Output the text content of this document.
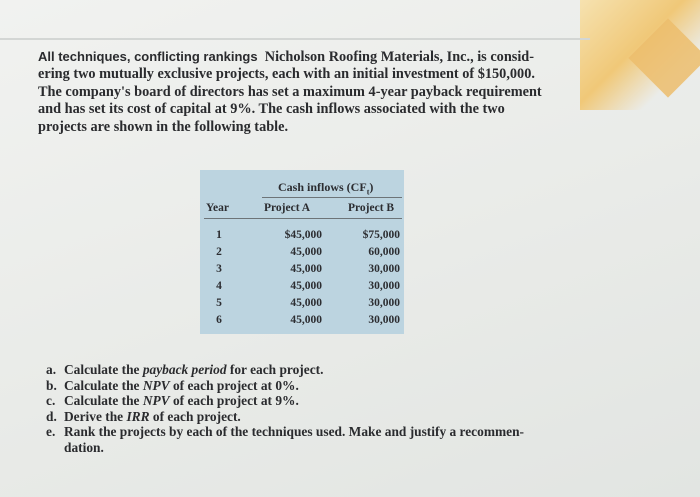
All techniques, conflicting rankings Nicholson Roofing Materials, Inc., is consid-
ering two mutually exclusive projects, each with an initial investment of $150,000.
The company's board of directors has set a maximum 4-year payback requirement
and has set its cost of capital at 9%. The cash inflows associated with the two
projects are shown in the following table.
Cash inflows $(CF_t)$
Year	Project A	Project B
1
2
3
4
5
6
$45,000
45,000
45,000
45,000
45,000
45,000
$75,000
60,000
30,000
30,000
30,000
30,000
a. Calculate the payback period for each project.
b. Calculate the NPV of each project at 0%.
c. Calculate the NPV of each project at 9%.
d. Derive the IRR of each project.
e. Rank the projects by each of the techniques used. Make and justify a recommen-
dation.
